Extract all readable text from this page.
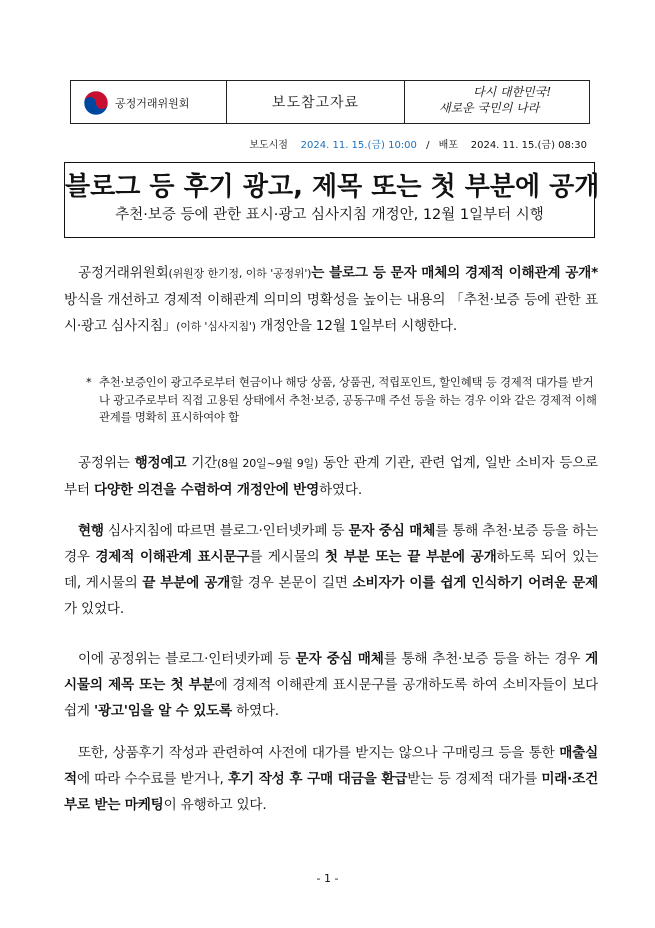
공정거래위원회	보도참고자료
다시 대한민국!
새로운 국민의 나라
보도시점 2024. 11. 15.(금) 10:00 / 배포 2024. 11. 15.(금) 08:30
블로그 등 후기 광고, 제목 또는 첫 부분에 공개
추천·보증 등에 관한 표시·광고 심사지침 개정안, 12월 1일부터 시행
공정거래위원회(위원장 한기정, 이하 '공정위')는 블로그 등 문자 매체의 경제적 이해관계 공개* 방식을 개선하고 경제적 이해관계 의미의 명확성을 높이는 내용의 「추천·보증 등에 관한 표시·광고 심사지침」(이하 '심사지침') 개정안을 12월 1일부터 시행한다.
* 추천·보증인이 광고주로부터 현금이나 해당 상품, 상품권, 적립포인트, 할인혜택 등 경제적 대가를 받거나 광고주로부터 직접 고용된 상태에서 추천·보증, 공동구매 주선 등을 하는 경우 이와 같은 경제적 이해관계를 명확히 표시하여야 함
공정위는 행정예고 기간(8월 20일~9월 9일) 동안 관계 기관, 관련 업계, 일반 소비자 등으로부터 다양한 의견을 수렴하여 개정안에 반영하였다.
현행 심사지침에 따르면 블로그·인터넷카페 등 문자 중심 매체를 통해 추천·보증 등을 하는 경우 경제적 이해관계 표시문구를 게시물의 첫 부분 또는 끝 부분에 공개하도록 되어 있는데, 게시물의 끝 부분에 공개할 경우 본문이 길면 소비자가 이를 쉽게 인식하기 어려운 문제가 있었다.
이에 공정위는 블로그·인터넷카페 등 문자 중심 매체를 통해 추천·보증 등을 하는 경우 게시물의 제목 또는 첫 부분에 경제적 이해관계 표시문구를 공개하도록 하여 소비자들이 보다 쉽게 '광고'임을 알 수 있도록 하였다.
또한, 상품후기 작성과 관련하여 사전에 대가를 받지는 않으나 구매링크 등을 통한 매출실적에 따라 수수료를 받거나, 후기 작성 후 구매 대금을 환급받는 등 경제적 대가를 미래·조건부로 받는 마케팅이 유행하고 있다.
- 1 -
